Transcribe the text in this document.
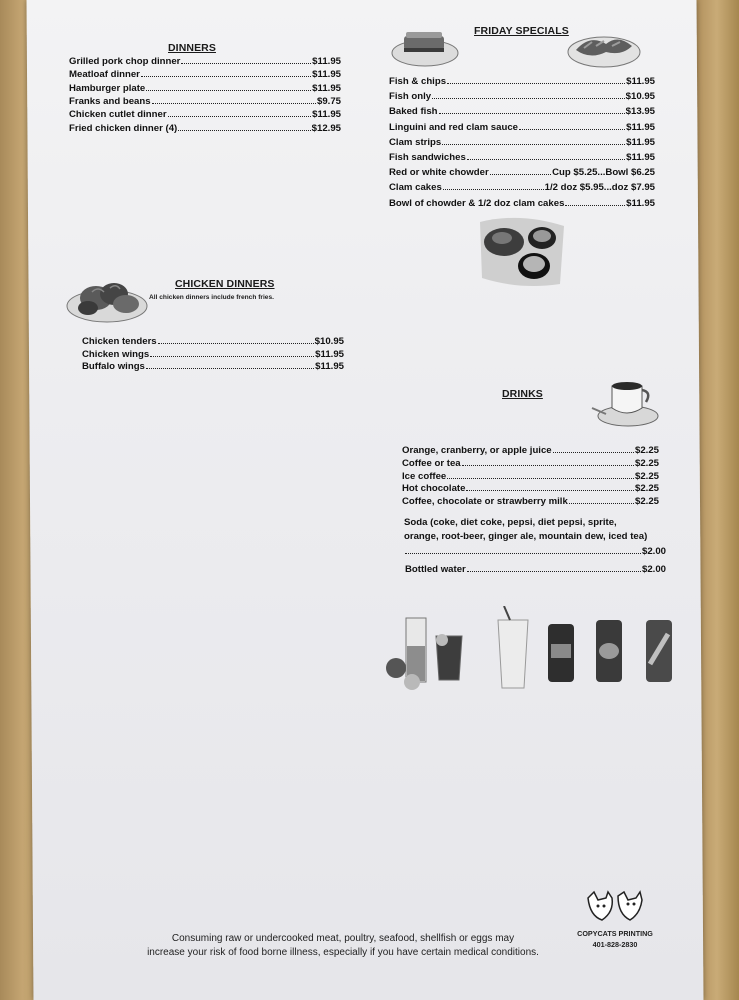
DINNERS
Grilled pork chop dinner	$11.95
Meatloaf dinner	$11.95
Hamburger plate	$11.95
Franks and beans	$9.75
Chicken cutlet dinner	$11.95
Fried chicken dinner (4)	$12.95
CHICKEN DINNERS
All chicken dinners include french fries.
Chicken tenders	$10.95
Chicken wings	$11.95
Buffalo wings	$11.95
FRIDAY SPECIALS
Fish & chips	$11.95
Fish only	$10.95
Baked fish	$13.95
Linguini and red clam sauce	$11.95
Clam strips	$11.95
Fish sandwiches	$11.95
Red or white chowder	Cup $5.25...Bowl $6.25
Clam cakes	1/2 doz $5.95...doz $7.95
Bowl of chowder & 1/2 doz clam cakes	$11.95
DRINKS
Orange, cranberry, or apple juice	$2.25
Coffee or tea	$2.25
Ice coffee	$2.25
Hot chocolate	$2.25
Coffee, chocolate or strawberry milk	$2.25
Soda (coke, diet coke, pepsi, diet pepsi, sprite,
orange, root-beer, ginger ale, mountain dew, iced tea)
$2.00
Bottled water	$2.00
Consuming raw or undercooked meat, poultry, seafood, shellfish or eggs may
increase your risk of food borne illness, especially if you have certain medical conditions.
COPYCATS PRINTING
401-828-2830
